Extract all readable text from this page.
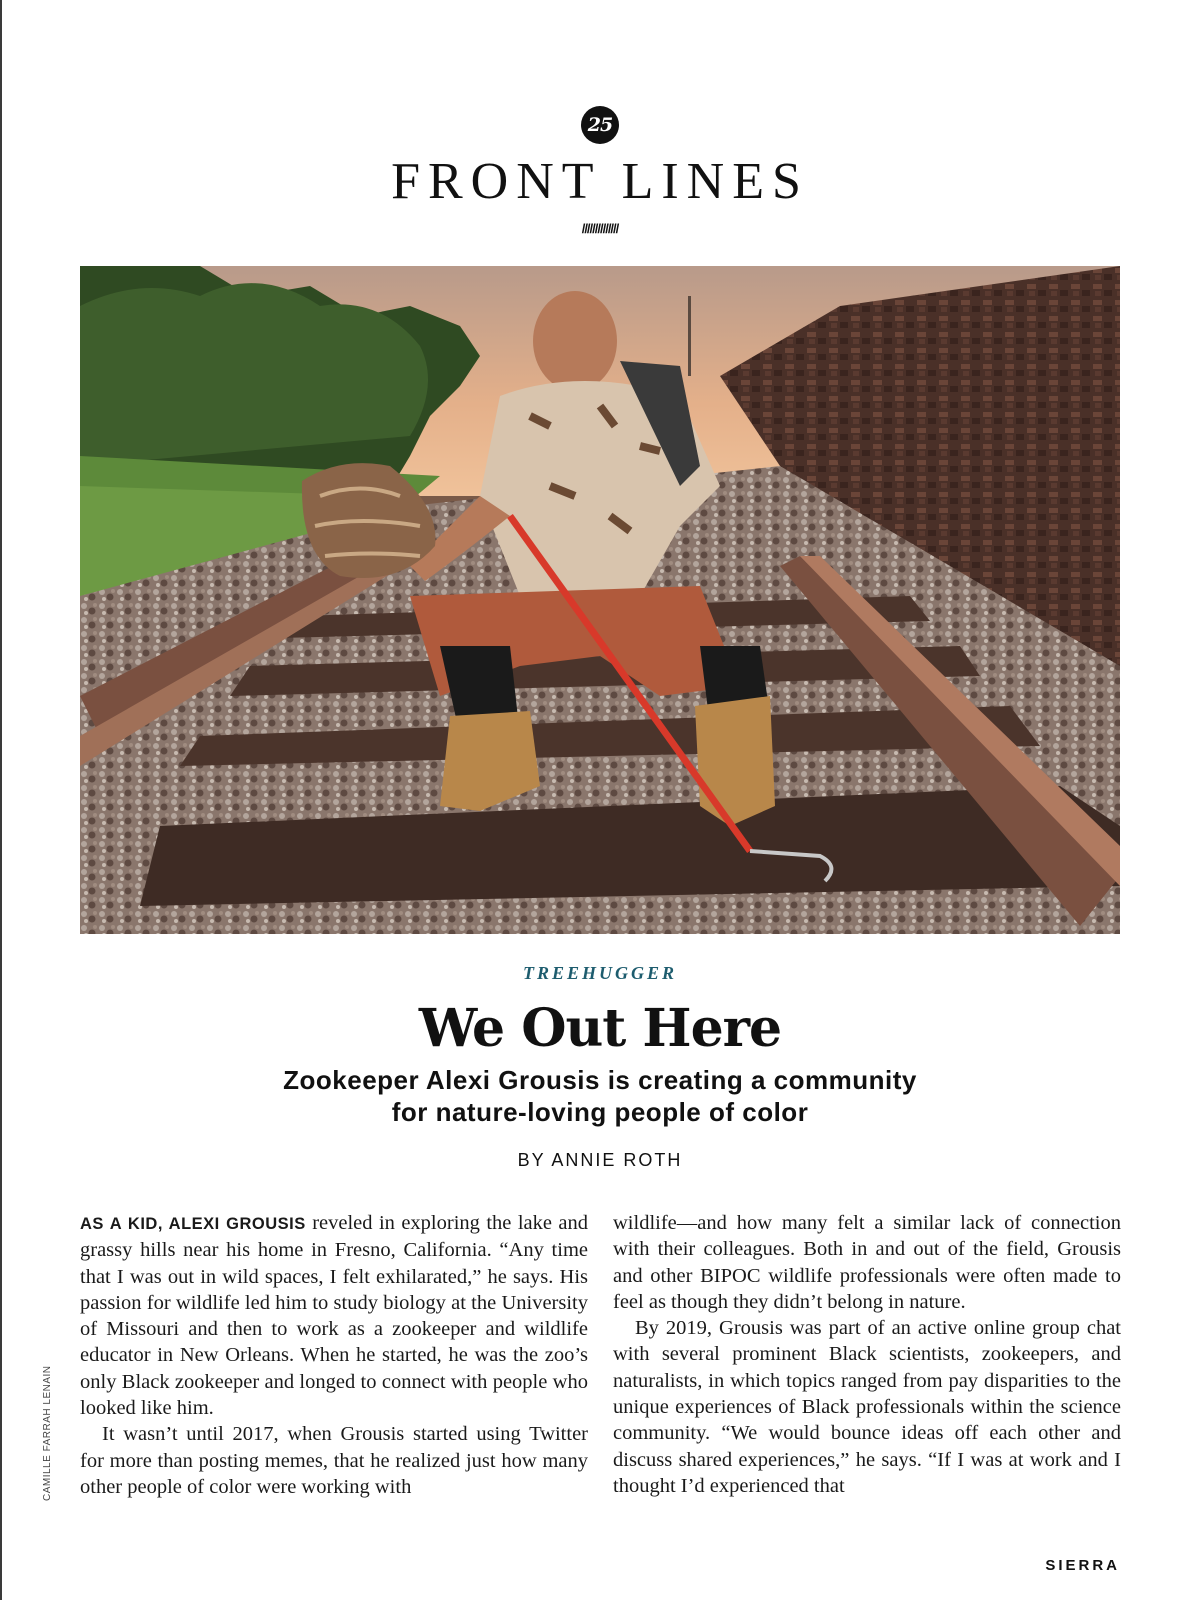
25
FRONT LINES
//////////////
TREEHUGGER
We Out Here
Zookeeper Alexi Grousis is creating a community
for nature-loving people of color
BY ANNIE ROTH

AS A KID, ALEXI GROUSIS reveled in exploring the lake and grassy hills near his home in Fresno, California. “Any time that I was out in wild spaces, I felt exhilarated,” he says. His passion for wildlife led him to study biology at the University of Missouri and then to work as a zookeeper and wildlife educator in New Orleans. When he started, he was the zoo’s only Black zookeeper and longed to connect with people who looked like him.

It wasn’t until 2017, when Grousis started using Twitter for more than posting memes, that he realized just how many other people of color were working with

wildlife—and how many felt a similar lack of connection with their colleagues. Both in and out of the field, Grousis and other BIPOC wildlife professionals were often made to feel as though they didn’t belong in nature.

By 2019, Grousis was part of an active online group chat with several prominent Black scientists, zookeepers, and naturalists, in which topics ranged from pay disparities to the unique experiences of Black professionals within the science community. “We would bounce ideas off each other and discuss shared experiences,” he says. “If I was at work and I thought I’d experienced that

CAMILLE FARRAH LENAIN
SIERRA
